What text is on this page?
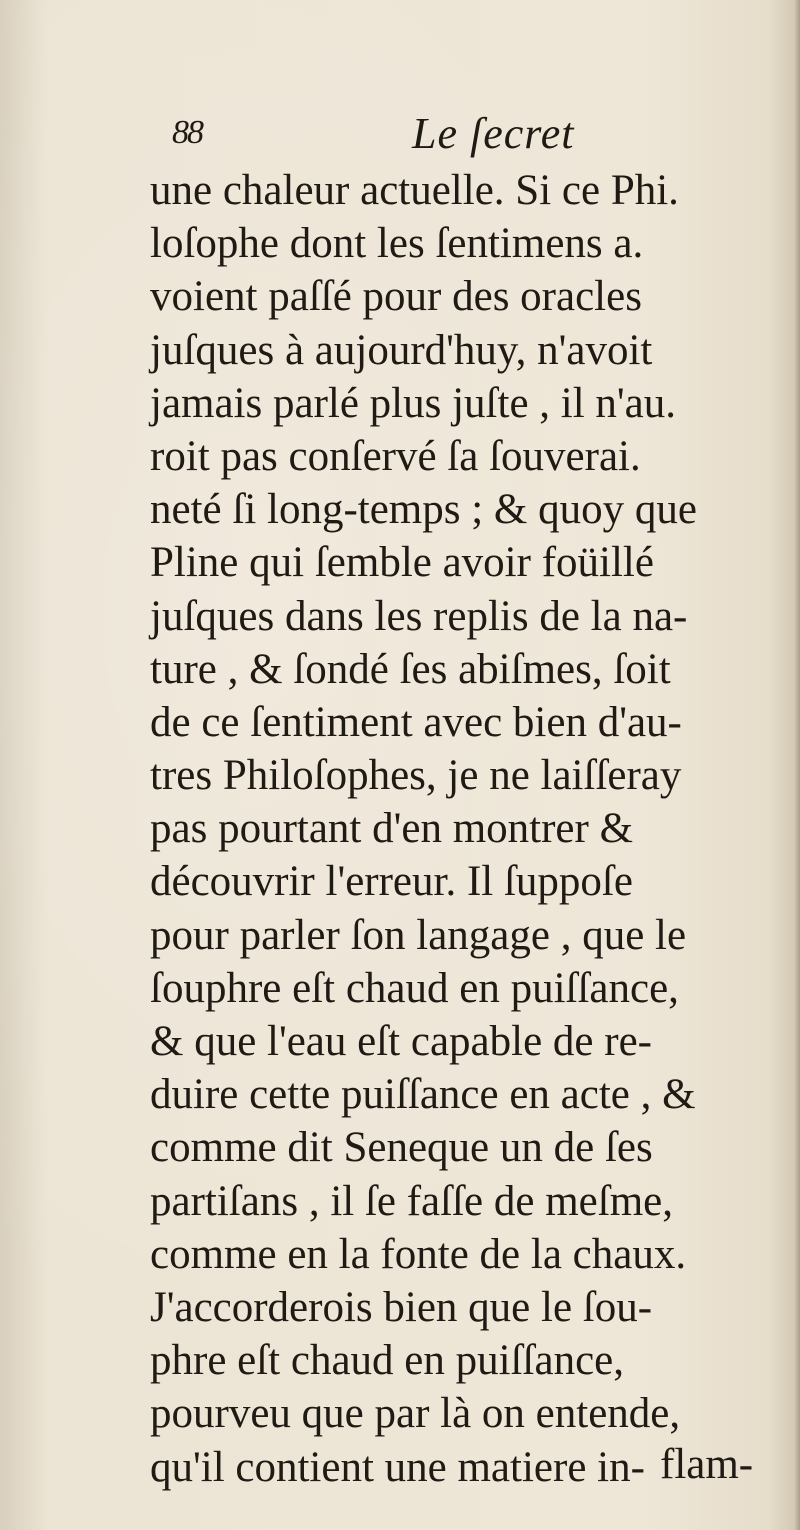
88	Le ſecret
une chaleur actuelle. Si ce Phi.
loſophe dont les ſentimens a.
voient paſſé pour des oracles
juſques à aujourd'huy, n'avoit
jamais parlé plus juſte , il n'au.
roit pas conſervé ſa ſouverai.
neté ſi long-temps ; & quoy que
Pline qui ſemble avoir foüillé
juſques dans les replis de la na-
ture , & ſondé ſes abiſmes, ſoit
de ce ſentiment avec bien d'au-
tres Philoſophes, je ne laiſſeray
pas pourtant d'en montrer &
découvrir l'erreur. Il ſuppoſe
pour parler ſon langage , que le
ſouphre eſt chaud en puiſſance,
& que l'eau eſt capable de re-
duire cette puiſſance en acte , &
comme dit Seneque un de ſes
partiſans , il ſe faſſe de meſme,
comme en la fonte de la chaux.
J'accorderois bien que le ſou-
phre eſt chaud en puiſſance,
pourveu que par là on entende,
qu'il contient une matiere in- flam-
